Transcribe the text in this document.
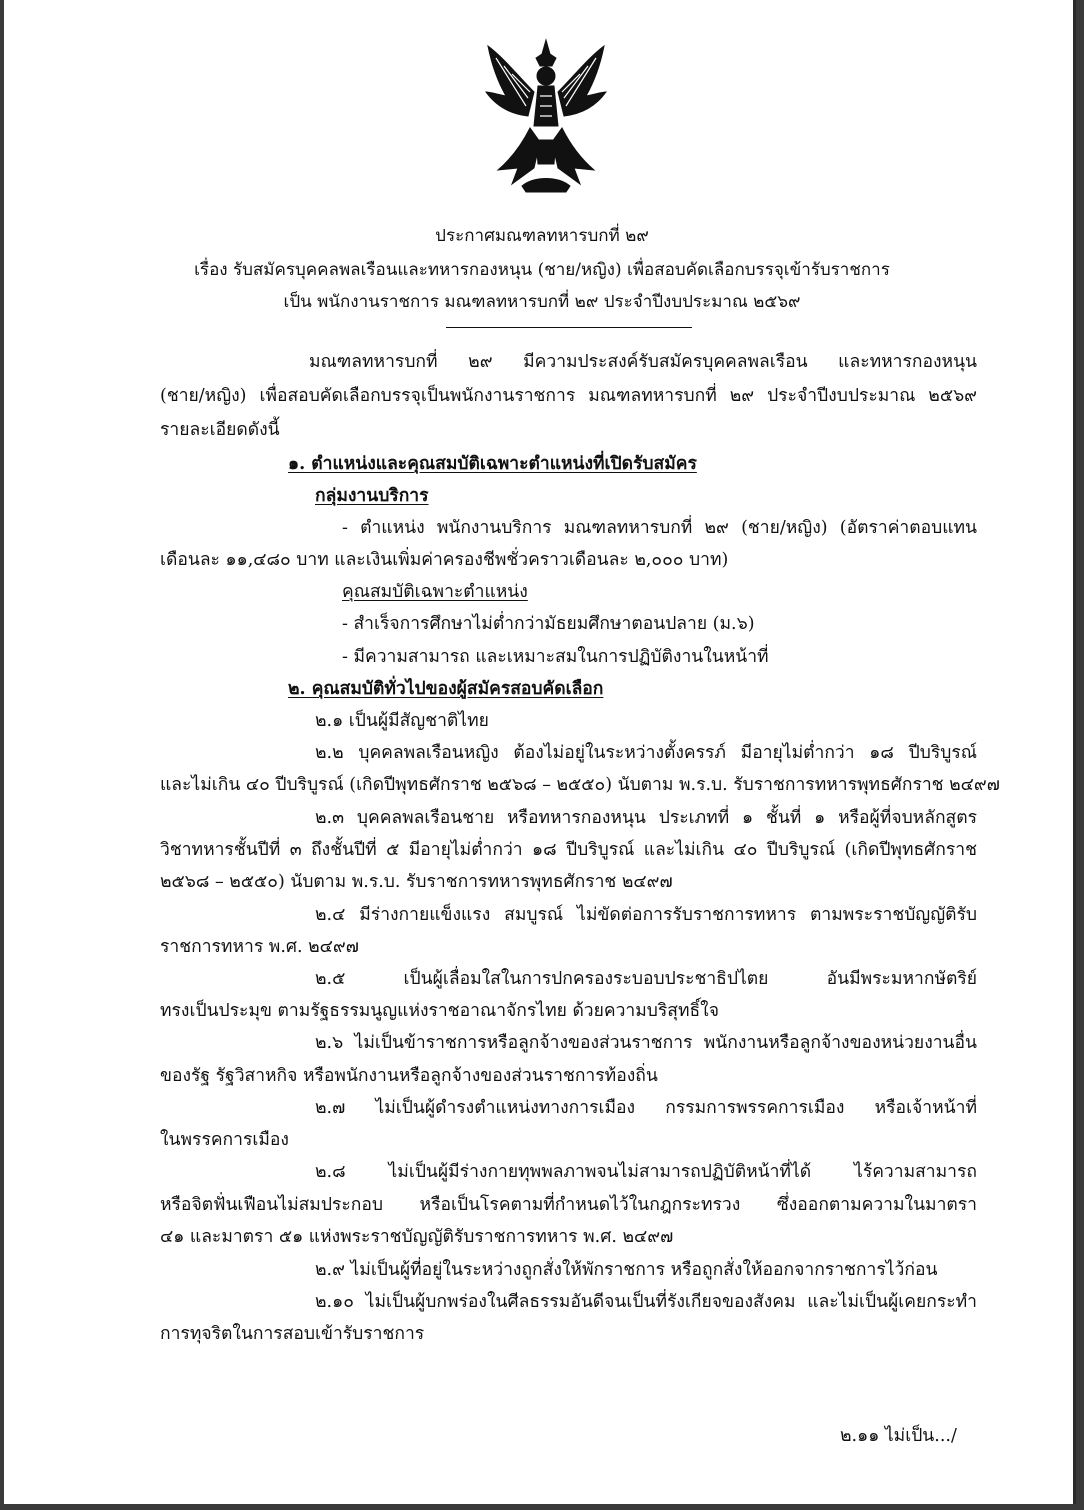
ประกาศมณฑลทหารบกที่ ๒๙
เรื่อง รับสมัครบุคคลพลเรือนและทหารกองหนุน (ชาย/หญิง) เพื่อสอบคัดเลือกบรรจุเข้ารับราชการ
เป็น พนักงานราชการ มณฑลทหารบกที่ ๒๙ ประจำปีงบประมาณ ๒๕๖๙
มณฑลทหารบกที่ ๒๙ มีความประสงค์รับสมัครบุคคลพลเรือน และทหารกองหนุน
(ชาย/หญิง) เพื่อสอบคัดเลือกบรรจุเป็นพนักงานราชการ มณฑลทหารบกที่ ๒๙ ประจำปีงบประมาณ ๒๕๖๙
รายละเอียดดังนี้
๑. ตำแหน่งและคุณสมบัติเฉพาะตำแหน่งที่เปิดรับสมัคร
กลุ่มงานบริการ
- ตำแหน่ง พนักงานบริการ มณฑลทหารบกที่ ๒๙ (ชาย/หญิง) (อัตราค่าตอบแทน
เดือนละ ๑๑,๔๘๐ บาท และเงินเพิ่มค่าครองชีพชั่วคราวเดือนละ ๒,๐๐๐ บาท)
คุณสมบัติเฉพาะตำแหน่ง
- สำเร็จการศึกษาไม่ต่ำกว่ามัธยมศึกษาตอนปลาย (ม.๖)
- มีความสามารถ และเหมาะสมในการปฏิบัติงานในหน้าที่
๒. คุณสมบัติทั่วไปของผู้สมัครสอบคัดเลือก
๒.๑ เป็นผู้มีสัญชาติไทย
๒.๒ บุคคลพลเรือนหญิง ต้องไม่อยู่ในระหว่างตั้งครรภ์ มีอายุไม่ต่ำกว่า ๑๘ ปีบริบูรณ์
และไม่เกิน ๔๐ ปีบริบูรณ์ (เกิดปีพุทธศักราช ๒๕๖๘ – ๒๕๕๐) นับตาม พ.ร.บ. รับราชการทหารพุทธศักราช ๒๔๙๗
๒.๓ บุคคลพลเรือนชาย หรือทหารกองหนุน ประเภทที่ ๑ ชั้นที่ ๑ หรือผู้ที่จบหลักสูตร
วิชาทหารชั้นปีที่ ๓ ถึงชั้นปีที่ ๕ มีอายุไม่ต่ำกว่า ๑๘ ปีบริบูรณ์ และไม่เกิน ๔๐ ปีบริบูรณ์ (เกิดปีพุทธศักราช
๒๕๖๘ – ๒๕๕๐) นับตาม พ.ร.บ. รับราชการทหารพุทธศักราช ๒๔๙๗
๒.๔ มีร่างกายแข็งแรง สมบูรณ์ ไม่ขัดต่อการรับราชการทหาร ตามพระราชบัญญัติรับ
ราชการทหาร พ.ศ. ๒๔๙๗
๒.๕ เป็นผู้เลื่อมใสในการปกครองระบอบประชาธิปไตย อันมีพระมหากษัตริย์
ทรงเป็นประมุข ตามรัฐธรรมนูญแห่งราชอาณาจักรไทย ด้วยความบริสุทธิ์ใจ
๒.๖ ไม่เป็นข้าราชการหรือลูกจ้างของส่วนราชการ พนักงานหรือลูกจ้างของหน่วยงานอื่น
ของรัฐ รัฐวิสาหกิจ หรือพนักงานหรือลูกจ้างของส่วนราชการท้องถิ่น
๒.๗ ไม่เป็นผู้ดำรงตำแหน่งทางการเมือง กรรมการพรรคการเมือง หรือเจ้าหน้าที่
ในพรรคการเมือง
๒.๘ ไม่เป็นผู้มีร่างกายทุพพลภาพจนไม่สามารถปฏิบัติหน้าที่ได้ ไร้ความสามารถ
หรือจิตฟั่นเฟือนไม่สมประกอบ หรือเป็นโรคตามที่กำหนดไว้ในกฎกระทรวง ซึ่งออกตามความในมาตรา
๔๑ และมาตรา ๕๑ แห่งพระราชบัญญัติรับราชการทหาร พ.ศ. ๒๔๙๗
๒.๙ ไม่เป็นผู้ที่อยู่ในระหว่างถูกสั่งให้พักราชการ หรือถูกสั่งให้ออกจากราชการไว้ก่อน
๒.๑๐ ไม่เป็นผู้บกพร่องในศีลธรรมอันดีจนเป็นที่รังเกียจของสังคม และไม่เป็นผู้เคยกระทำ
การทุจริตในการสอบเข้ารับราชการ
๒.๑๑ ไม่เป็น.../
